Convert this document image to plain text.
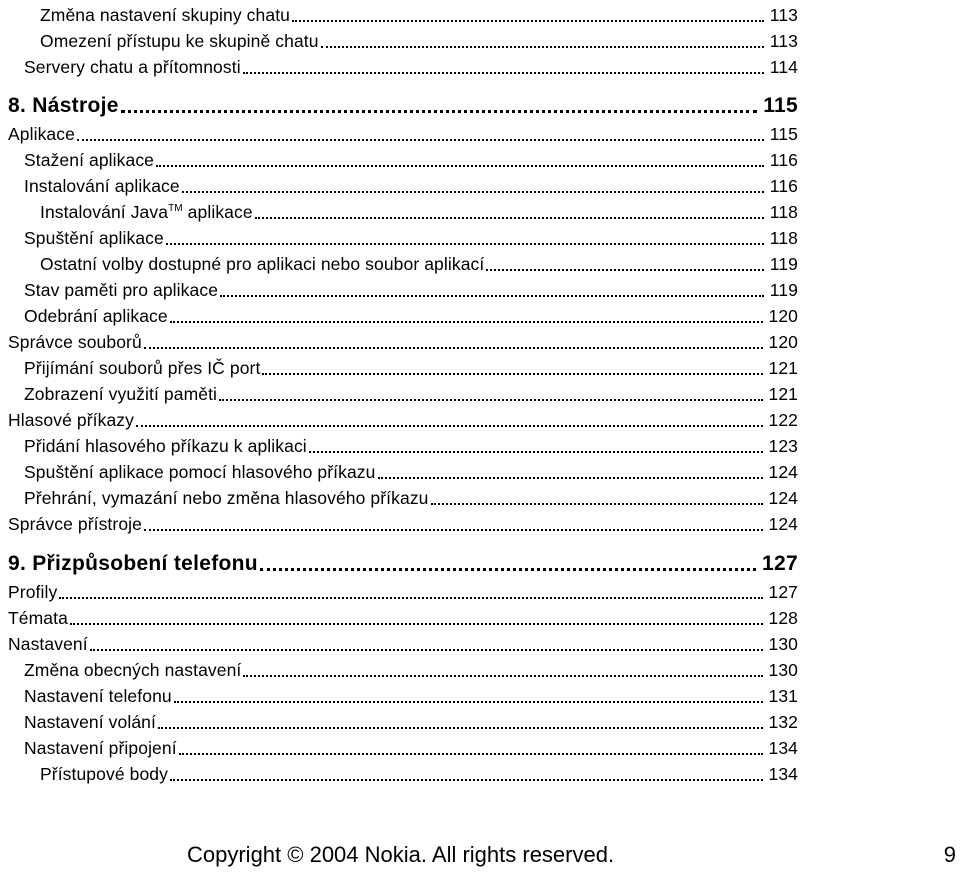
Změna nastavení skupiny chatu	113
Omezení přístupu ke skupině chatu	113
Servery chatu a přítomnosti	114
8. Nástroje	115
Aplikace	115
Stažení aplikace	116
Instalování aplikace	116
Instalování Java™ aplikace	118
Spuštění aplikace	118
Ostatní volby dostupné pro aplikaci nebo soubor aplikací	119
Stav paměti pro aplikace	119
Odebrání aplikace	120
Správce souborů	120
Přijímání souborů přes IČ port	121
Zobrazení využití paměti	121
Hlasové příkazy	122
Přidání hlasového příkazu k aplikaci	123
Spuštění aplikace pomocí hlasového příkazu	124
Přehrání, vymazání nebo změna hlasového příkazu	124
Správce přístroje	124
9. Přizpůsobení telefonu	127
Profily	127
Témata	128
Nastavení	130
Změna obecných nastavení	130
Nastavení telefonu	131
Nastavení volání	132
Nastavení připojení	134
Přístupové body	134
Copyright © 2004 Nokia. All rights reserved.	9
